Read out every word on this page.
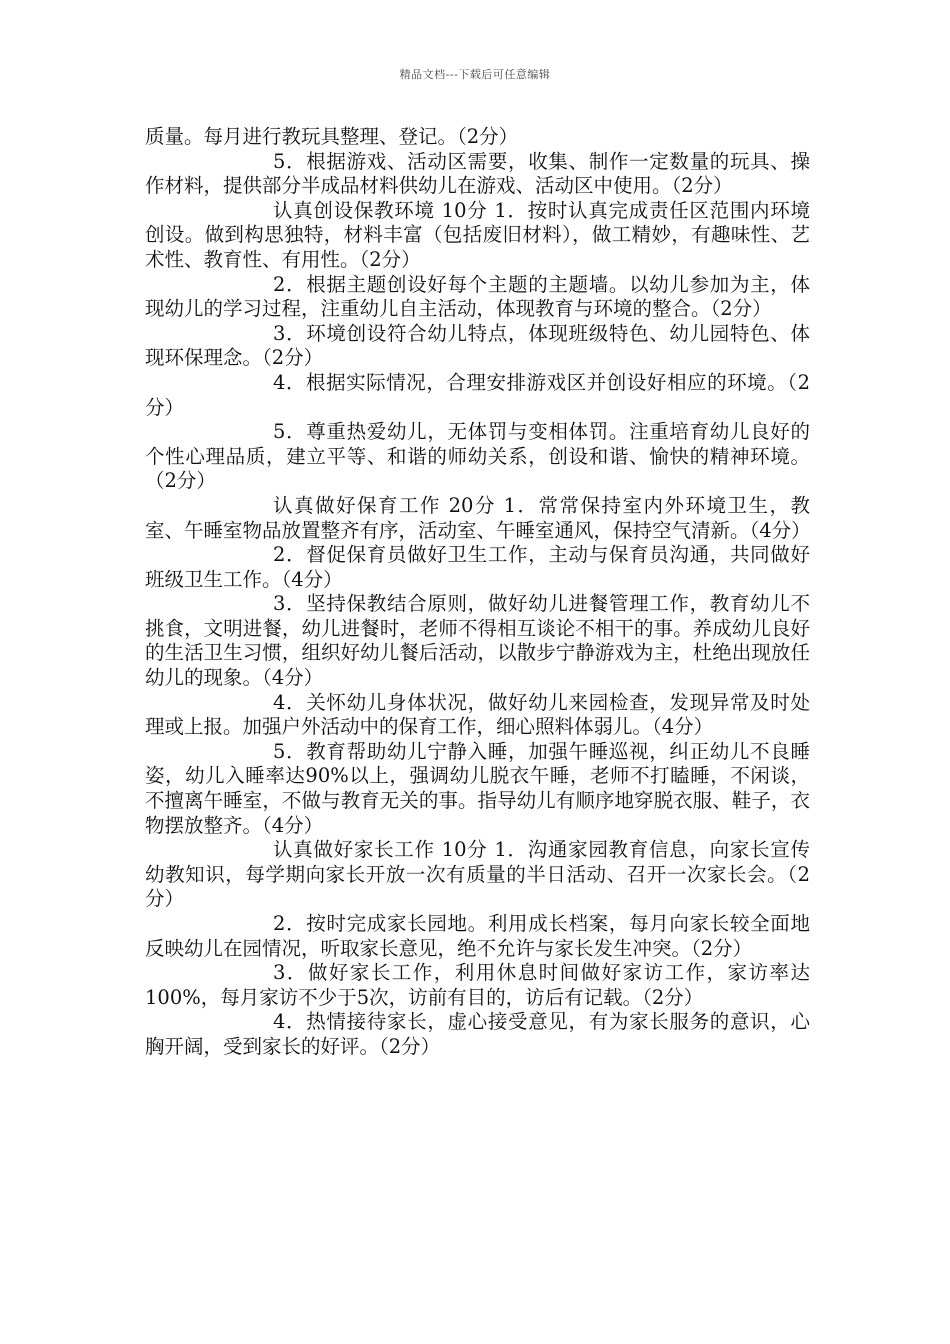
精品文档---下载后可任意编辑

质量。每月进行教玩具整理、登记。（2分）

5．根据游戏、活动区需要，收集、制作一定数量的玩具、操作材料，提供部分半成品材料供幼儿在游戏、活动区中使用。（2分）

认真创设保教环境 10分 1．按时认真完成责任区范围内环境创设。做到构思独特，材料丰富（包括废旧材料），做工精妙，有趣味性、艺术性、教育性、有用性。（2分）

2．根据主题创设好每个主题的主题墙。以幼儿参加为主，体现幼儿的学习过程，注重幼儿自主活动，体现教育与环境的整合。（2分）

3．环境创设符合幼儿特点，体现班级特色、幼儿园特色、体现环保理念。（2分）

4．根据实际情况，合理安排游戏区并创设好相应的环境。（2分）

5．尊重热爱幼儿，无体罚与变相体罚。注重培育幼儿良好的个性心理品质，建立平等、和谐的师幼关系，创设和谐、愉快的精神环境。（2分）

认真做好保育工作 20分 1．常常保持室内外环境卫生，教室、午睡室物品放置整齐有序，活动室、午睡室通风，保持空气清新。（4分）

2．督促保育员做好卫生工作，主动与保育员沟通，共同做好班级卫生工作。（4分）

3．坚持保教结合原则，做好幼儿进餐管理工作，教育幼儿不挑食，文明进餐，幼儿进餐时，老师不得相互谈论不相干的事。养成幼儿良好的生活卫生习惯，组织好幼儿餐后活动，以散步宁静游戏为主，杜绝出现放任幼儿的现象。（4分）

4．关怀幼儿身体状况，做好幼儿来园检查，发现异常及时处理或上报。加强户外活动中的保育工作，细心照料体弱儿。（4分）

5．教育帮助幼儿宁静入睡，加强午睡巡视，纠正幼儿不良睡姿，幼儿入睡率达90%以上，强调幼儿脱衣午睡，老师不打瞌睡，不闲谈，不擅离午睡室，不做与教育无关的事。指导幼儿有顺序地穿脱衣服、鞋子，衣物摆放整齐。（4分）

认真做好家长工作 10分 1．沟通家园教育信息，向家长宣传幼教知识，每学期向家长开放一次有质量的半日活动、召开一次家长会。（2分）

2．按时完成家长园地。利用成长档案，每月向家长较全面地反映幼儿在园情况，听取家长意见，绝不允许与家长发生冲突。（2分）

3．做好家长工作，利用休息时间做好家访工作，家访率达100%，每月家访不少于5次，访前有目的，访后有记载。（2分）

4．热情接待家长，虚心接受意见，有为家长服务的意识，心胸开阔，受到家长的好评。（2分）
